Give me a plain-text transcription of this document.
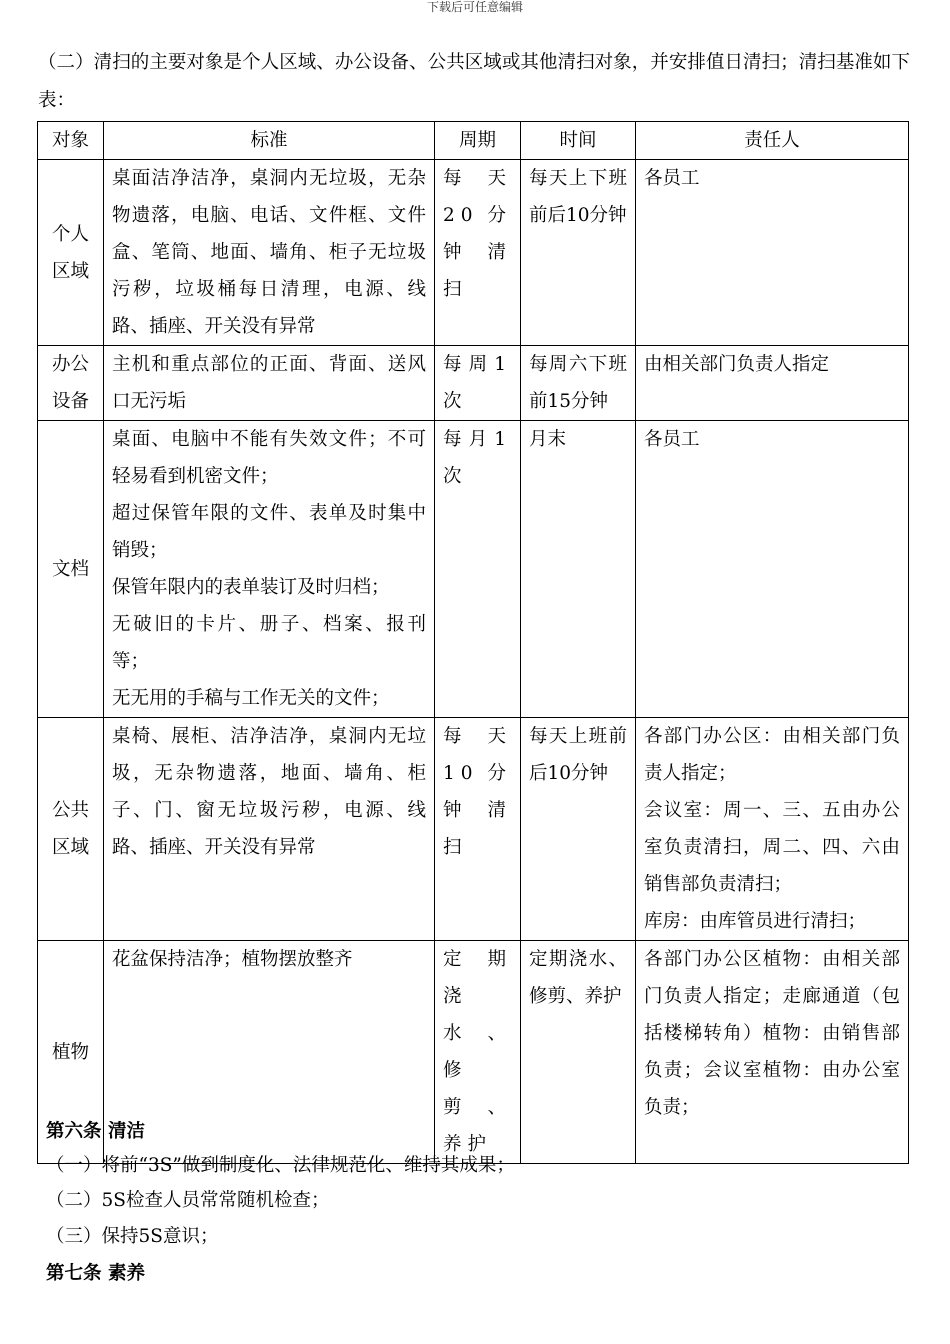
下载后可任意编辑
（二）清扫的主要对象是个人区域、办公设备、公共区域或其他清扫对象，并安排值日清扫；清扫基准如下表：
对象	标准	周期	时间	责任人

个人
区域	桌面洁净洁净，桌洞内无垃圾，无杂物遗落，电脑、电话、文件框、文件盒、笔筒、地面、墙角、柜子无垃圾污秽，垃圾桶每日清理，电源、线路、插座、开关没有异常	每天20分钟清扫	每天上下班前后10分钟	各员工

办公
设备	主机和重点部位的正面、背面、送风口无污垢	每周1次	每周六下班前15分钟	由相关部门负责人指定

文档	桌面、电脑中不能有失效文件；不可轻易看到机密文件；
超过保管年限的文件、表单及时集中销毁；
保管年限内的表单装订及时归档；
无破旧的卡片、册子、档案、报刊等；
无无用的手稿与工作无关的文件；	每月1次	月末	各员工

公共
区域	桌椅、展柜、洁净洁净，桌洞内无垃圾，无杂物遗落，地面、墙角、柜子、门、窗无垃圾污秽，电源、线路、插座、开关没有异常	每天10分钟清扫	每天上班前后10分钟	各部门办公区：由相关部门负责人指定；
会议室：周一、三、五由办公室负责清扫，周二、四、六由销售部负责清扫；
库房：由库管员进行清扫；

植物	花盆保持洁净；植物摆放整齐	定期浇水、修剪、养护	定期浇水、修剪、养护	各部门办公区植物：由相关部门负责人指定；走廊通道（包括楼梯转角）植物：由销售部负责；会议室植物：由办公室负责；
第六条 清洁
（一）将前“3S”做到制度化、法律规范化、维持其成果；
（二）5S检查人员常常随机检查；
（三）保持5S意识；
第七条 素养
